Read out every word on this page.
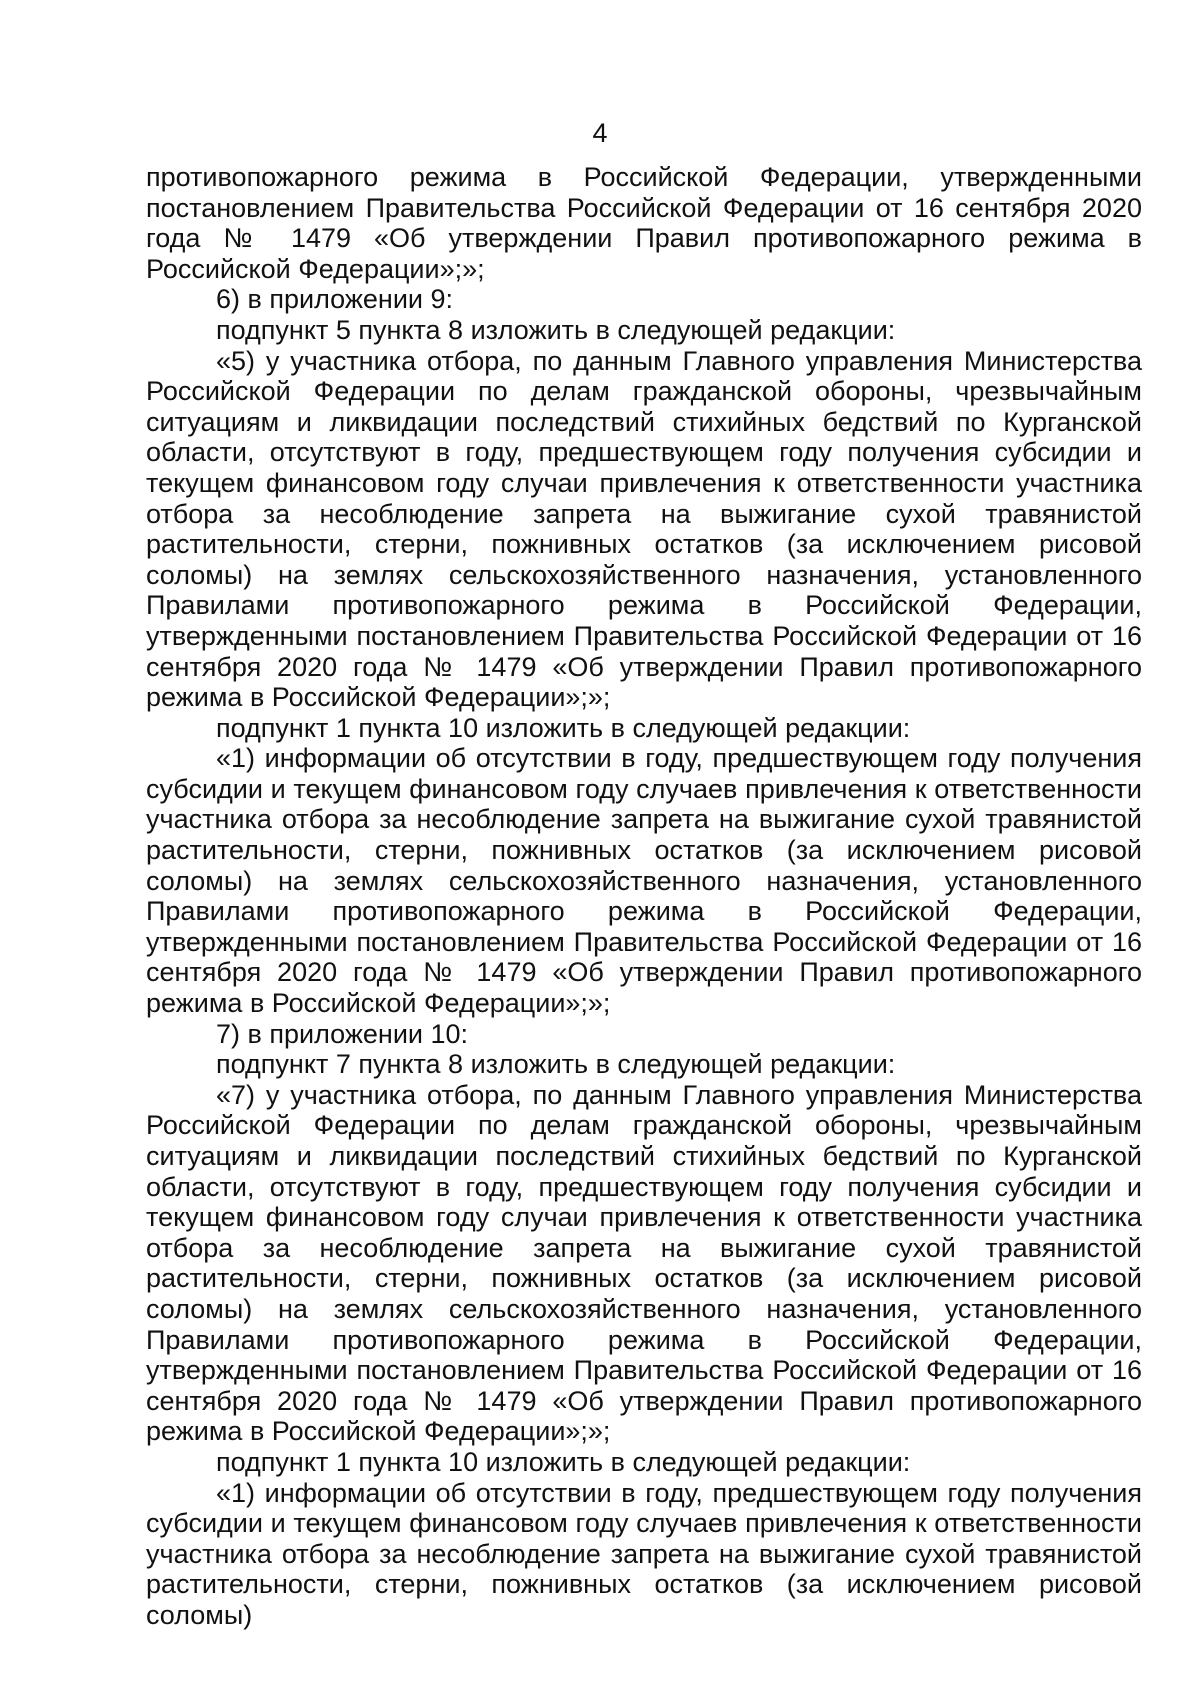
4

противопожарного режима в Российской Федерации, утвержденными постановлением Правительства Российской Федерации от 16 сентября 2020 года № 1479 «Об утверждении Правил противопожарного режима в Российской Федерации»;»;

6) в приложении 9:

подпункт 5 пункта 8 изложить в следующей редакции:

«5) у участника отбора, по данным Главного управления Министерства Российской Федерации по делам гражданской обороны, чрезвычайным ситуациям и ликвидации последствий стихийных бедствий по Курганской области, отсутствуют в году, предшествующем году получения субсидии и текущем финансовом году случаи привлечения к ответственности участника отбора за несоблюдение запрета на выжигание сухой травянистой растительности, стерни, пожнивных остатков (за исключением рисовой соломы) на землях сельскохозяйственного назначения, установленного Правилами противопожарного режима в Российской Федерации, утвержденными постановлением Правительства Российской Федерации от 16 сентября 2020 года № 1479 «Об утверждении Правил противопожарного режима в Российской Федерации»;»;

подпункт 1 пункта 10 изложить в следующей редакции:

«1) информации об отсутствии в году, предшествующем году получения субсидии и текущем финансовом году случаев привлечения к ответственности участника отбора за несоблюдение запрета на выжигание сухой травянистой растительности, стерни, пожнивных остатков (за исключением рисовой соломы) на землях сельскохозяйственного назначения, установленного Правилами противопожарного режима в Российской Федерации, утвержденными постановлением Правительства Российской Федерации от 16 сентября 2020 года № 1479 «Об утверждении Правил противопожарного режима в Российской Федерации»;»;

7) в приложении 10:

подпункт 7 пункта 8 изложить в следующей редакции:

«7) у участника отбора, по данным Главного управления Министерства Российской Федерации по делам гражданской обороны, чрезвычайным ситуациям и ликвидации последствий стихийных бедствий по Курганской области, отсутствуют в году, предшествующем году получения субсидии и текущем финансовом году случаи привлечения к ответственности участника отбора за несоблюдение запрета на выжигание сухой травянистой растительности, стерни, пожнивных остатков (за исключением рисовой соломы) на землях сельскохозяйственного назначения, установленного Правилами противопожарного режима в Российской Федерации, утвержденными постановлением Правительства Российской Федерации от 16 сентября 2020 года № 1479 «Об утверждении Правил противопожарного режима в Российской Федерации»;»;

подпункт 1 пункта 10 изложить в следующей редакции:

«1) информации об отсутствии в году, предшествующем году получения субсидии и текущем финансовом году случаев привлечения к ответственности участника отбора за несоблюдение запрета на выжигание сухой травянистой растительности, стерни, пожнивных остатков (за исключением рисовой соломы)
